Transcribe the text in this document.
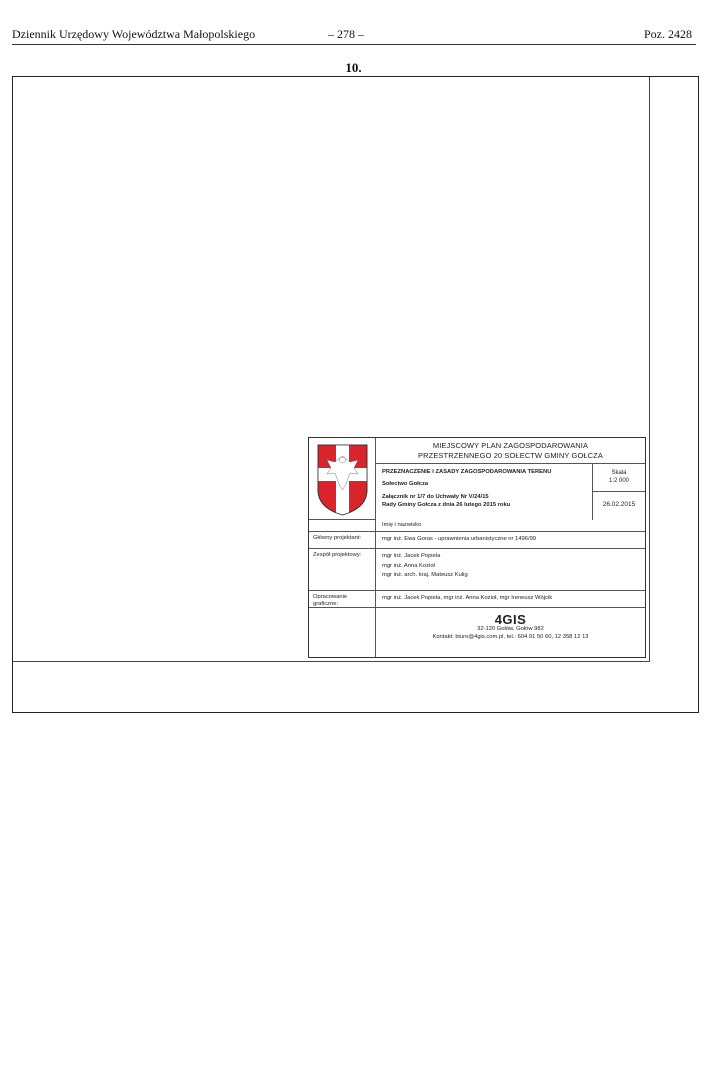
Dziennik Urzędowy Województwa Małopolskiego	– 278 –	Poz. 2428
10.
MIEJSCOWY PLAN ZAGOSPODAROWANIA
PRZESTRZENNEGO 20 SOŁECTW GMINY GOŁCZA
PRZEZNACZENIE I ZASADY ZAGOSPODAROWANIA TERENU
Sołectwo Gołcza
Załącznik nr 1/7 do Uchwały Nr V/24/15
Rady Gminy Gołcza z dnia 26 lutego 2015 roku
Skala
1:2 000
26.02.2015
Imię i nazwisko
Główny projektant:	mgr inż. Ewa Goras - uprawnienia urbanistyczne nr 1496/99
Zespół projektowy:	mgr inż. Jacek Popiela
mgr inż. Anna Kozioł
mgr inż. arch. kraj. Mateusz Kulig
Opracowanie graficzne:
mgr inż. Jacek Popiela, mgr inż. Anna Kozioł, mgr Ireneusz Wójcik
4GIS
32-120 Gołów, Gołów 982
Kontakt: biuro@4gis.com.pl, tel.: 604 91 50 60, 12 358 12 13
